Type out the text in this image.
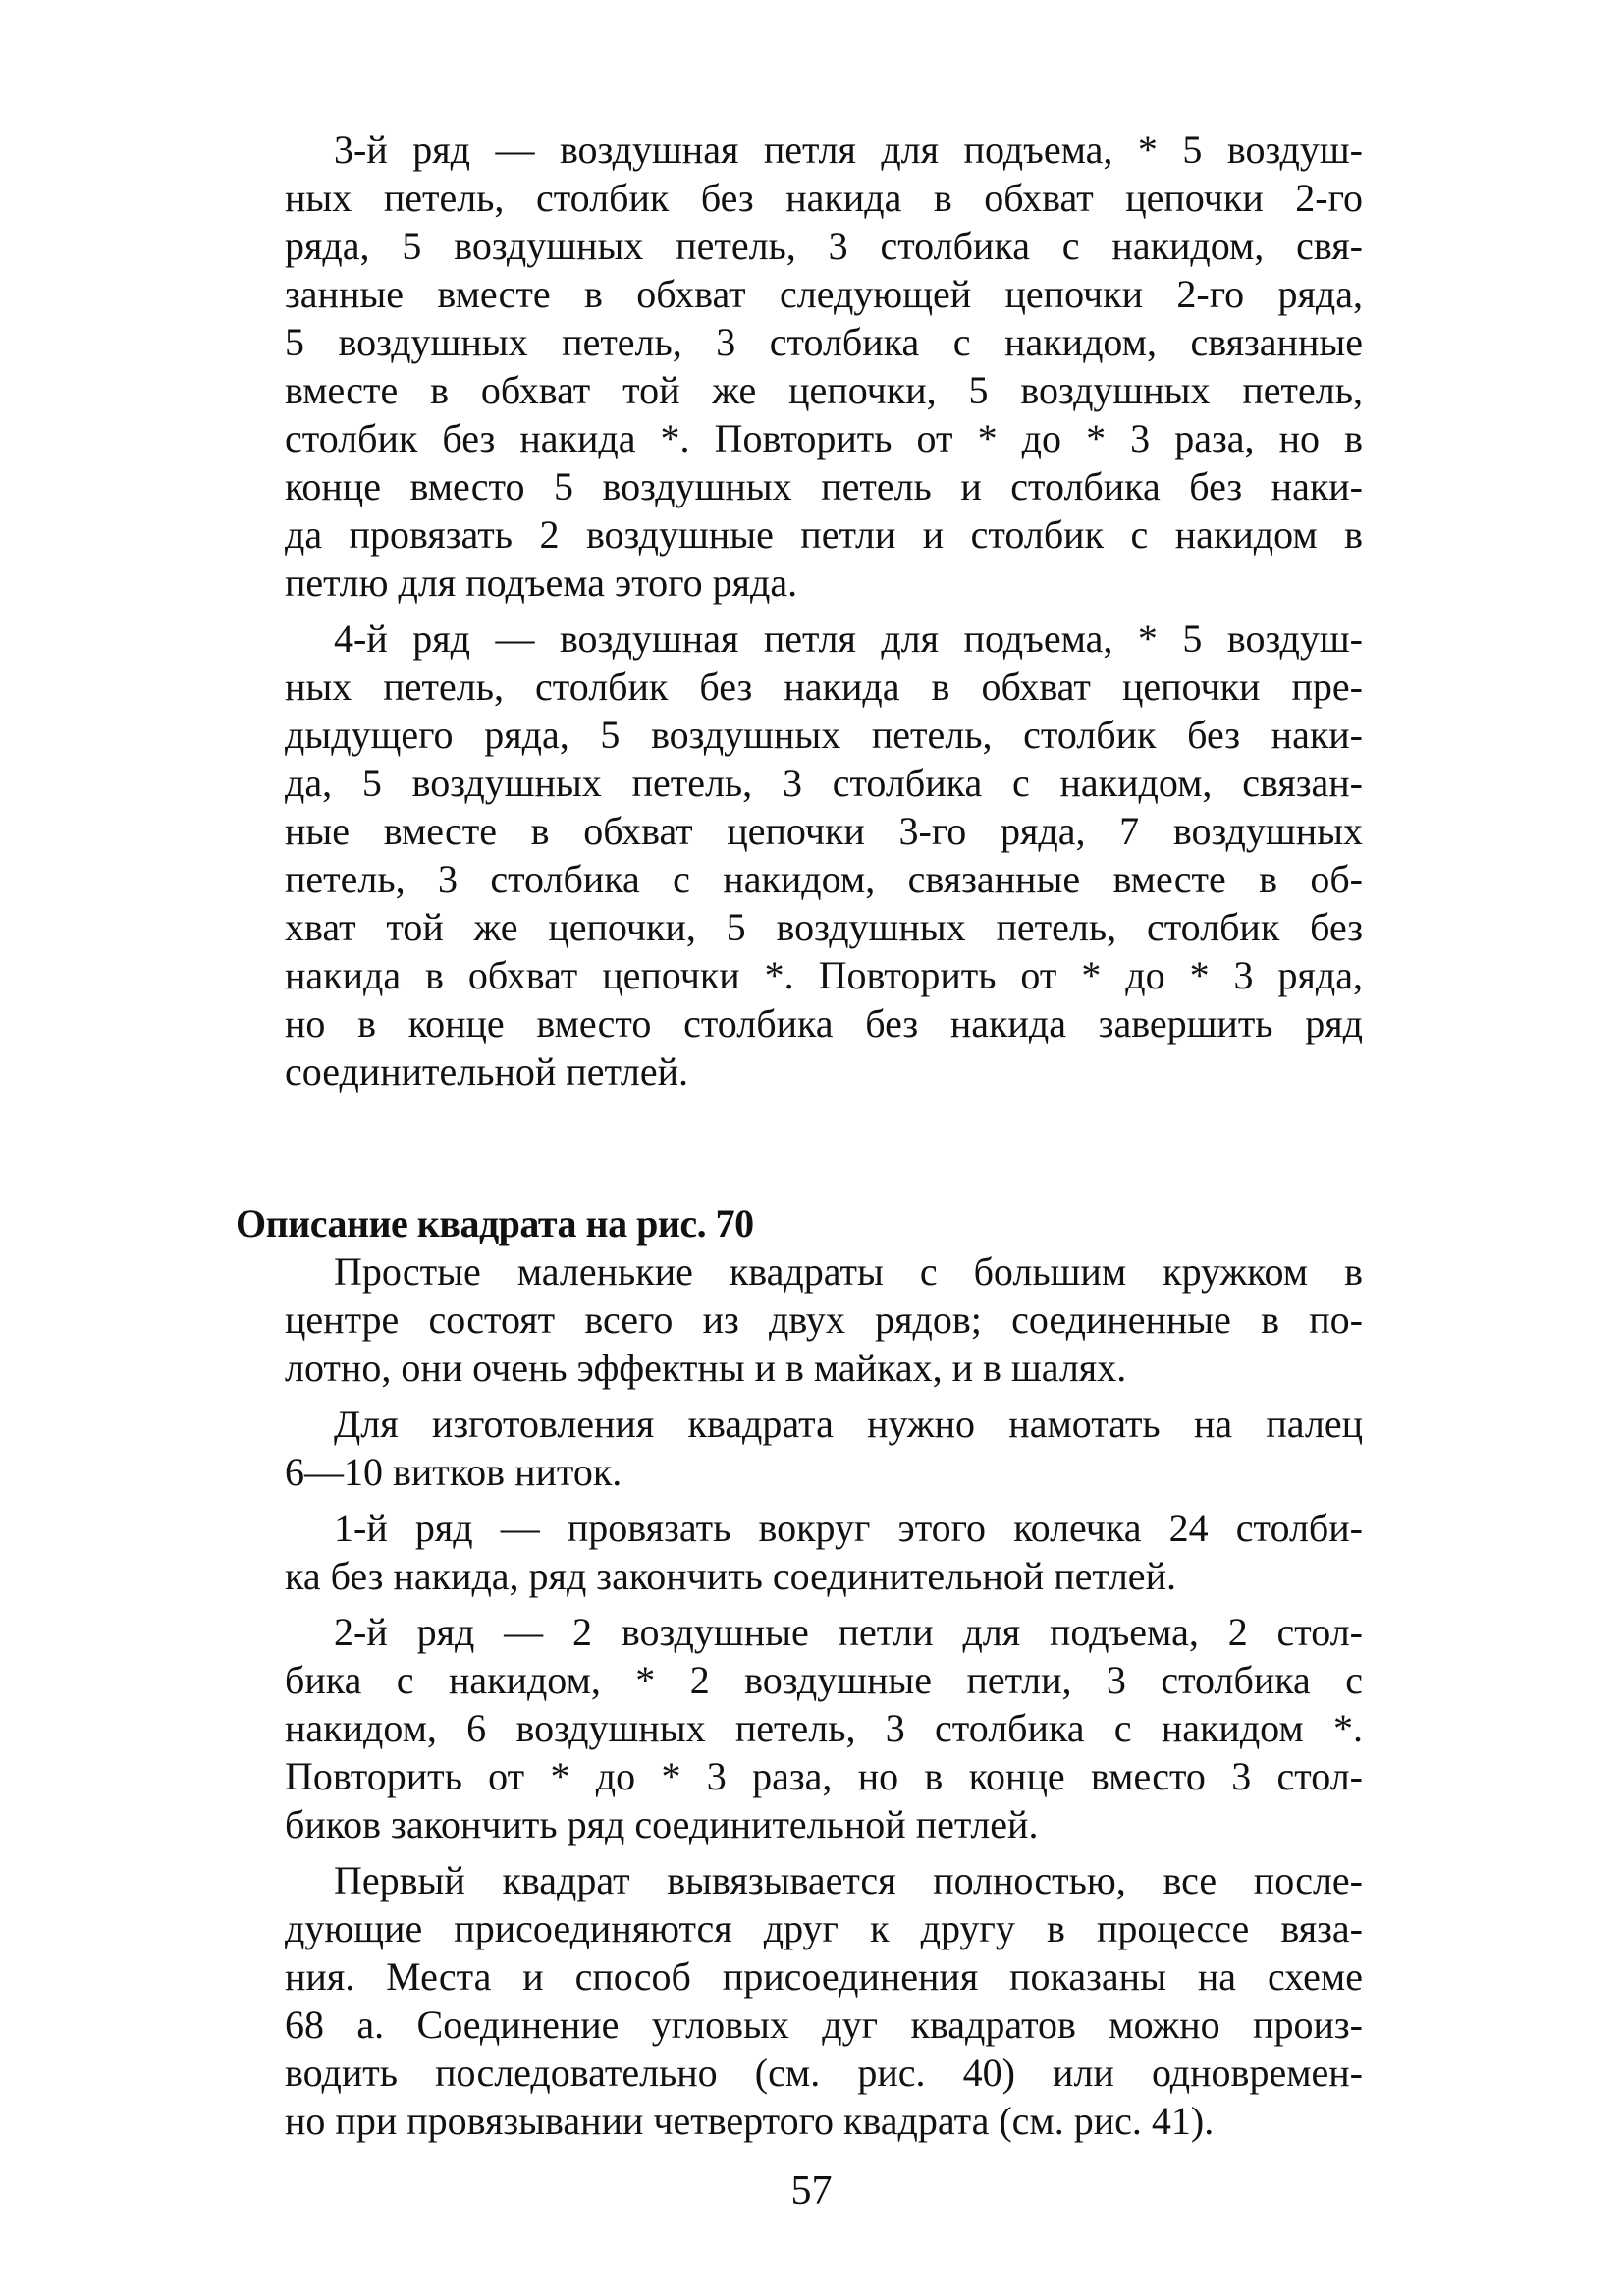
3-й ряд — воздушная петля для подъема, * 5 воздуш-
ных петель, столбик без накида в обхват цепочки 2-го
ряда, 5 воздушных петель, 3 столбика с накидом, свя-
занные вместе в обхват следующей цепочки 2-го ряда,
5 воздушных петель, 3 столбика с накидом, связанные
вместе в обхват той же цепочки, 5 воздушных петель,
столбик без накида *. Повторить от * до * 3 раза, но в
конце вместо 5 воздушных петель и столбика без наки-
да провязать 2 воздушные петли и столбик с накидом в
петлю для подъема этого ряда.
4-й ряд — воздушная петля для подъема, * 5 воздуш-
ных петель, столбик без накида в обхват цепочки пре-
дыдущего ряда, 5 воздушных петель, столбик без наки-
да, 5 воздушных петель, 3 столбика с накидом, связан-
ные вместе в обхват цепочки 3-го ряда, 7 воздушных
петель, 3 столбика с накидом, связанные вместе в об-
хват той же цепочки, 5 воздушных петель, столбик без
накида в обхват цепочки *. Повторить от * до * 3 ряда,
но в конце вместо столбика без накида завершить ряд
соединительной петлей.
Описание квадрата на рис. 70
Простые маленькие квадраты с большим кружком в
центре состоят всего из двух рядов; соединенные в по-
лотно, они очень эффектны и в майках, и в шалях.
Для изготовления квадрата нужно намотать на палец
6—10 витков ниток.
1-й ряд — провязать вокруг этого колечка 24 столби-
ка без накида, ряд закончить соединительной петлей.
2-й ряд — 2 воздушные петли для подъема, 2 стол-
бика с накидом, * 2 воздушные петли, 3 столбика с
накидом, 6 воздушных петель, 3 столбика с накидом *.
Повторить от * до * 3 раза, но в конце вместо 3 стол-
биков закончить ряд соединительной петлей.
Первый квадрат вывязывается полностью, все после-
дующие присоединяются друг к другу в процессе вяза-
ния. Места и способ присоединения показаны на схеме
68 а. Соединение угловых дуг квадратов можно произ-
водить последовательно (см. рис. 40) или одновремен-
но при провязывании четвертого квадрата (см. рис. 41).
57
